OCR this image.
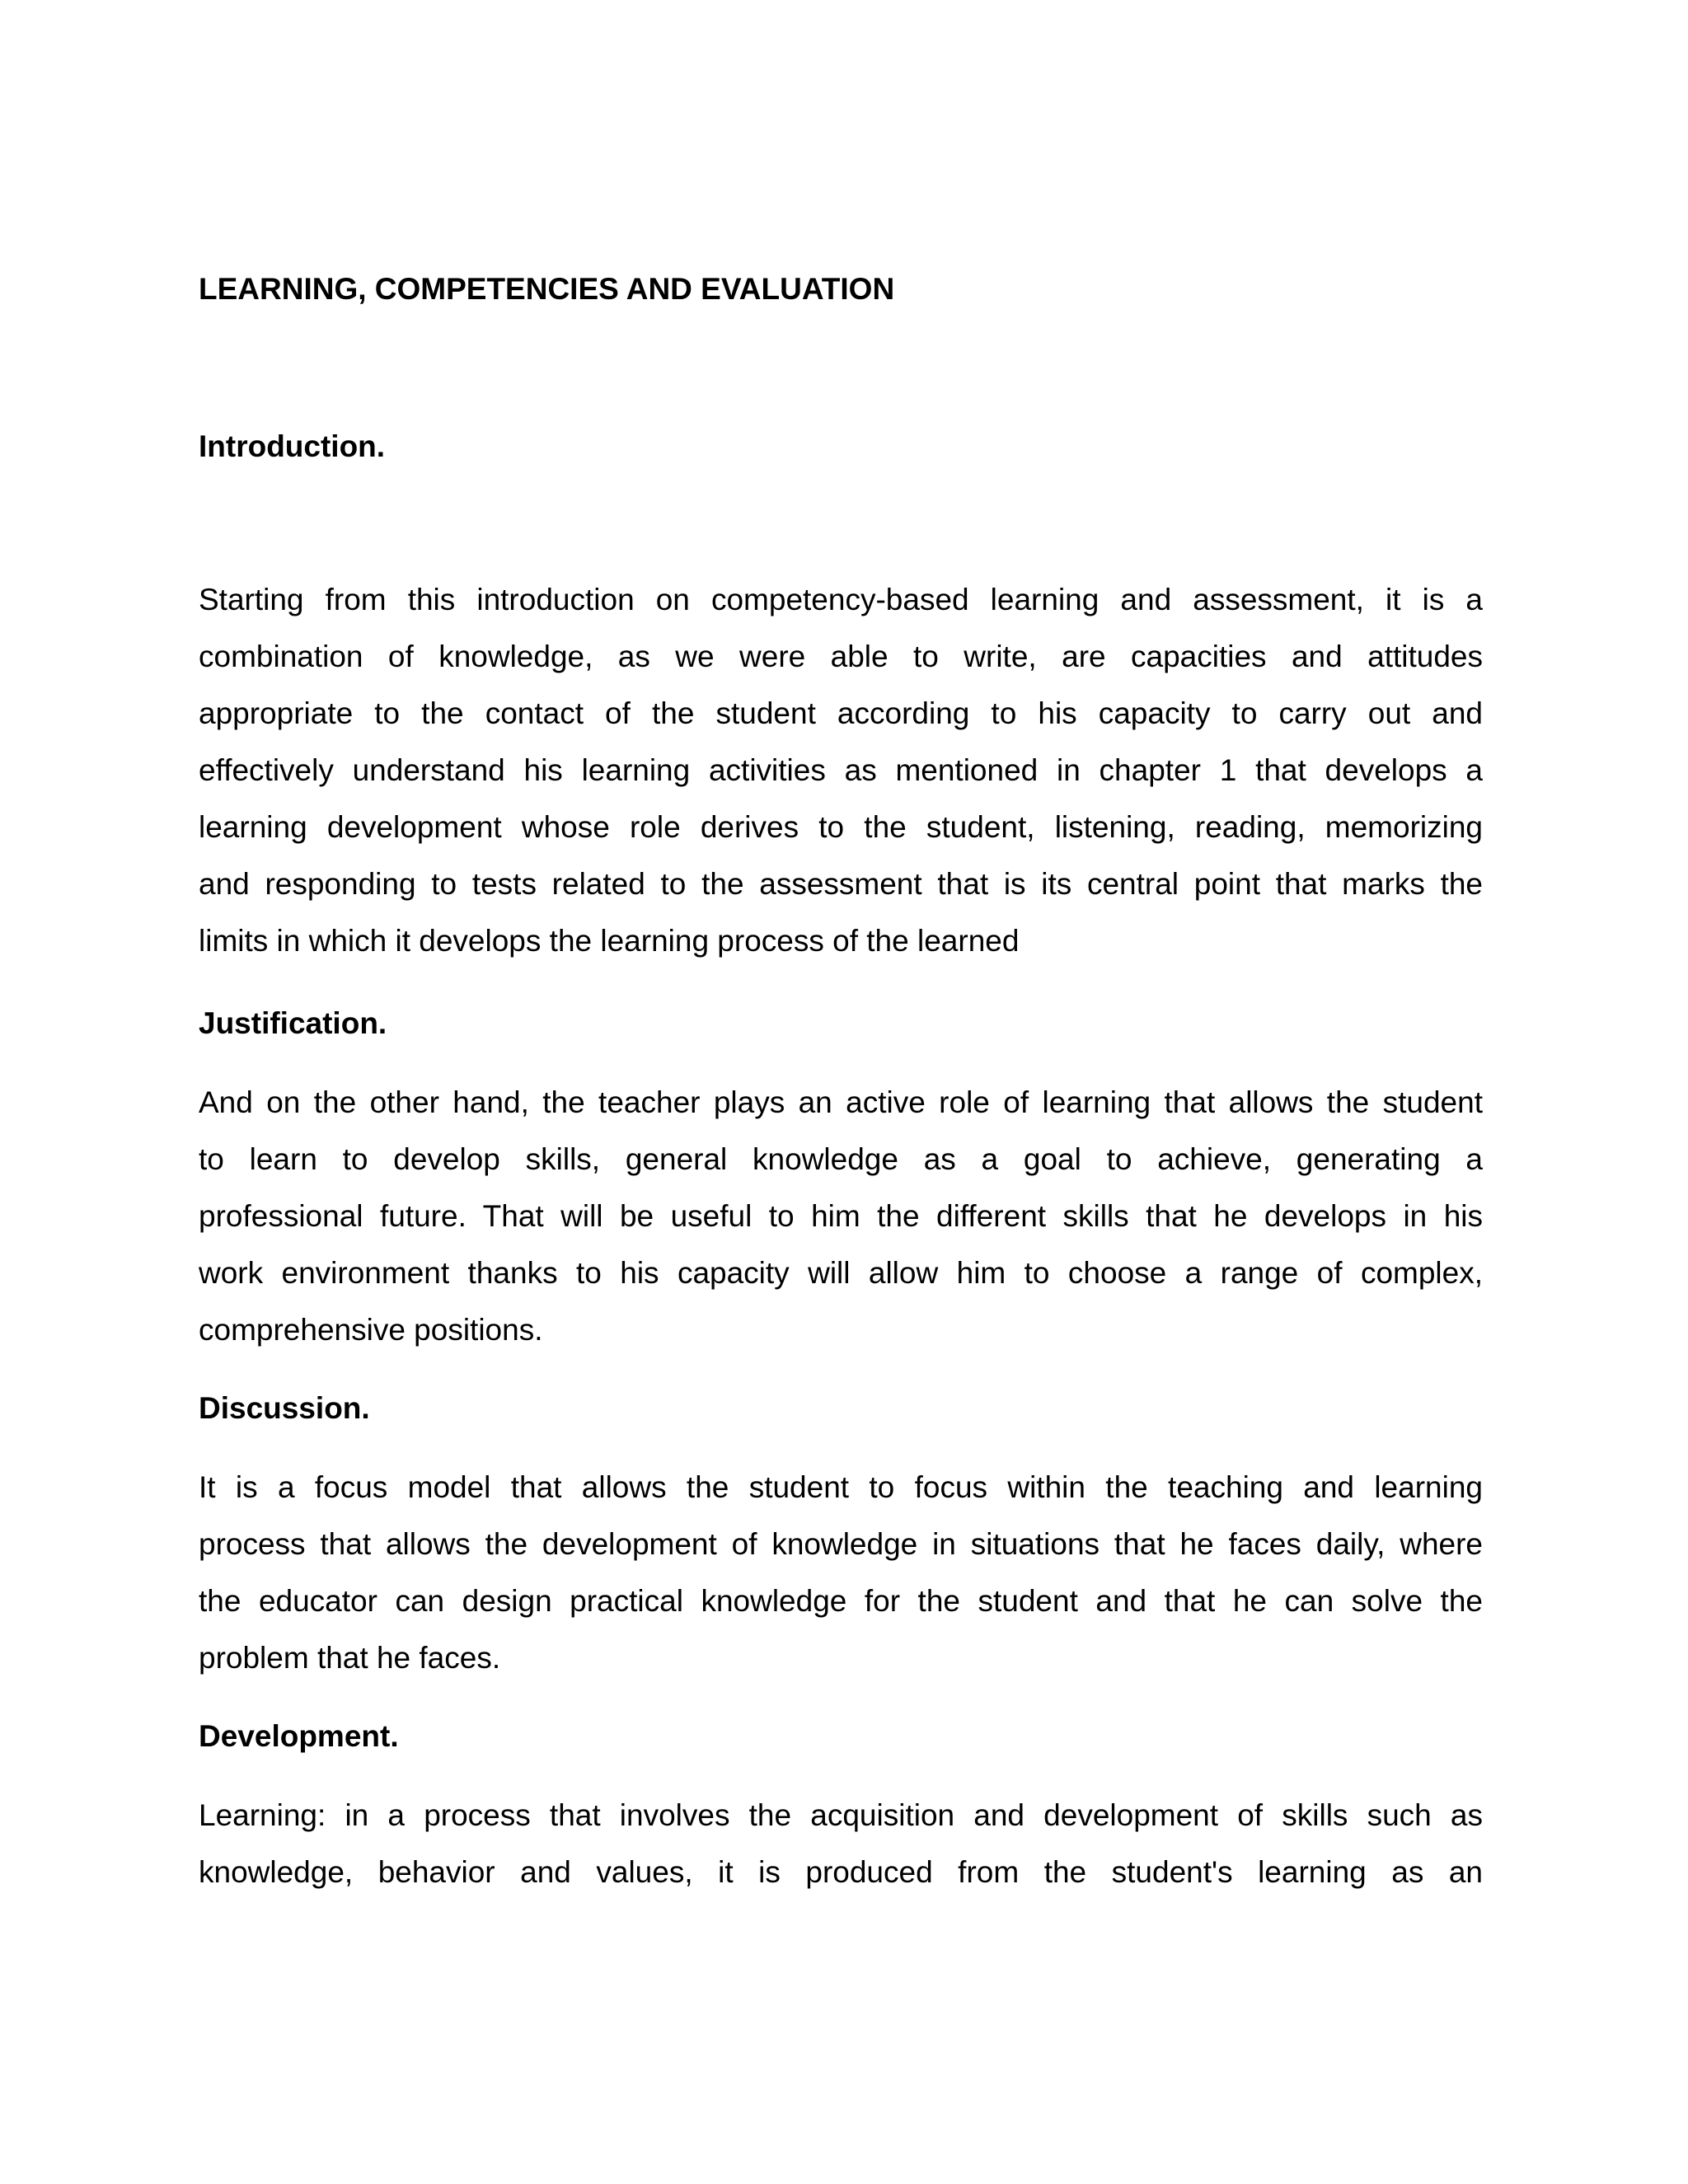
LEARNING, COMPETENCIES AND EVALUATION
Introduction.
Starting from this introduction on competency-based learning and assessment, it is a
combination of knowledge, as we were able to write, are capacities and attitudes
appropriate to the contact of the student according to his capacity to carry out and
effectively understand his learning activities as mentioned in chapter 1 that develops a
learning development whose role derives to the student, listening, reading, memorizing
and responding to tests related to the assessment that is its central point that marks the
limits in which it develops the learning process of the learned
Justification.
And on the other hand, the teacher plays an active role of learning that allows the student
to learn to develop skills, general knowledge as a goal to achieve, generating a
professional future. That will be useful to him the different skills that he develops in his
work environment thanks to his capacity will allow him to choose a range of complex,
comprehensive positions.
Discussion.
It is a focus model that allows the student to focus within the teaching and learning
process that allows the development of knowledge in situations that he faces daily, where
the educator can design practical knowledge for the student and that he can solve the
problem that he faces.
Development.
Learning: in a process that involves the acquisition and development of skills such as
knowledge, behavior and values, it is produced from the student's learning as an
